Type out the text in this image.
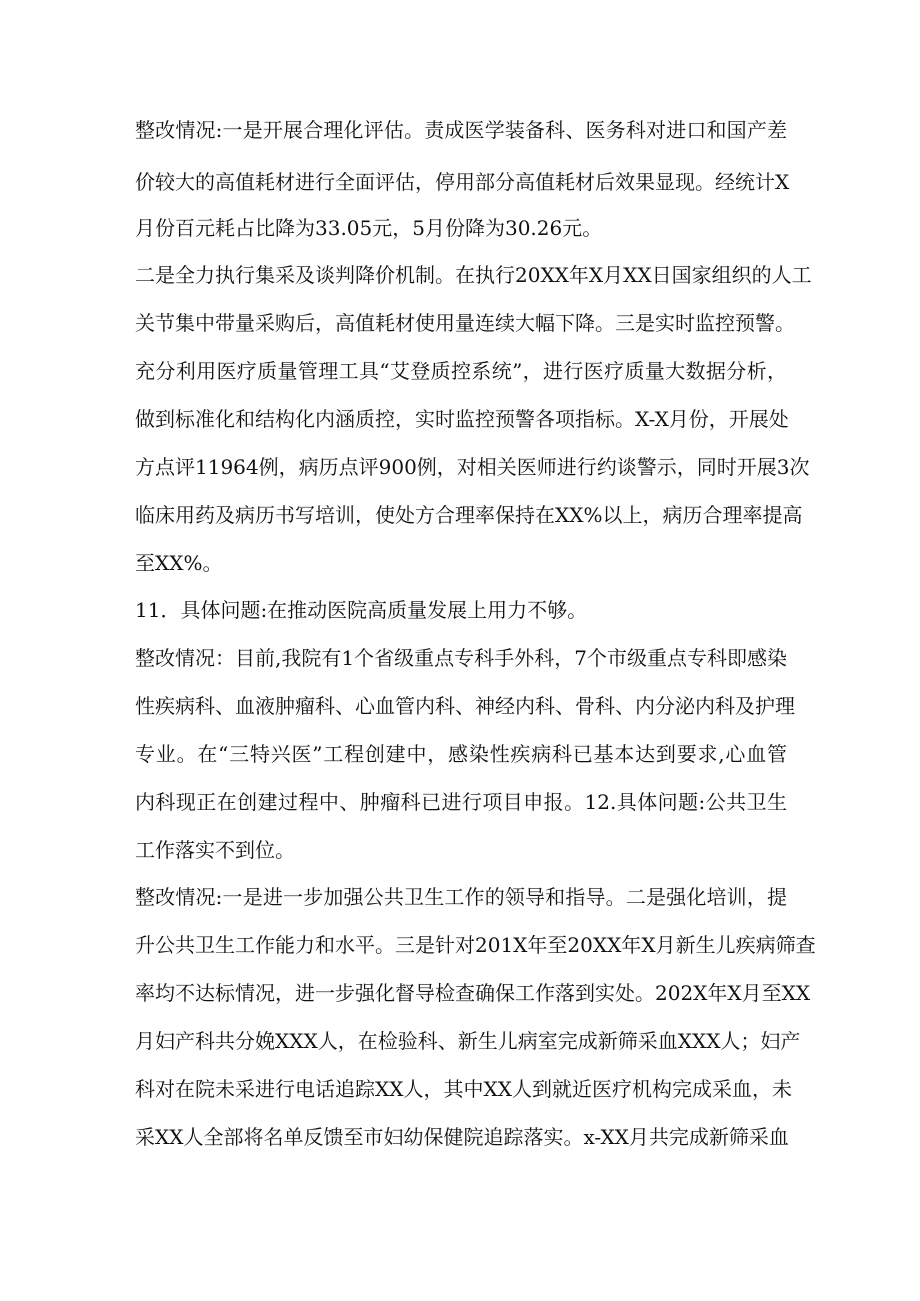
整改情况:一是开展合理化评估。责成医学装备科、医务科对进口和国产差

价较大的高值耗材进行全面评估，停用部分高值耗材后效果显现。经统计X

月份百元耗占比降为33.05元，5月份降为30.26元。

二是全力执行集采及谈判降价机制。在执行20XX年X月XX日国家组织的人工

关节集中带量采购后，高值耗材使用量连续大幅下降。三是实时监控预警。

充分利用医疗质量管理工具“艾登质控系统”，进行医疗质量大数据分析，

做到标准化和结构化内涵质控，实时监控预警各项指标。X-X月份，开展处

方点评11964例，病历点评900例，对相关医师进行约谈警示，同时开展3次

临床用药及病历书写培训，使处方合理率保持在XX%以上，病历合理率提高

至XX%。

11．具体问题:在推动医院高质量发展上用力不够。

整改情况：目前,我院有1个省级重点专科手外科，7个市级重点专科即感染

性疾病科、血液肿瘤科、心血管内科、神经内科、骨科、内分泌内科及护理

专业。在“三特兴医”工程创建中，感染性疾病科已基本达到要求,心血管

内科现正在创建过程中、肿瘤科已进行项目申报。12.具体问题:公共卫生

工作落实不到位。

整改情况:一是进一步加强公共卫生工作的领导和指导。二是强化培训，提

升公共卫生工作能力和水平。三是针对201X年至20XX年X月新生儿疾病筛查

率均不达标情况，进一步强化督导检查确保工作落到实处。202X年X月至XX

月妇产科共分娩XXX人，在检验科、新生儿病室完成新筛采血XXX人；妇产

科对在院未采进行电话追踪XX人，其中XX人到就近医疗机构完成采血，未

采XX人全部将名单反馈至市妇幼保健院追踪落实。x-XX月共完成新筛采血
